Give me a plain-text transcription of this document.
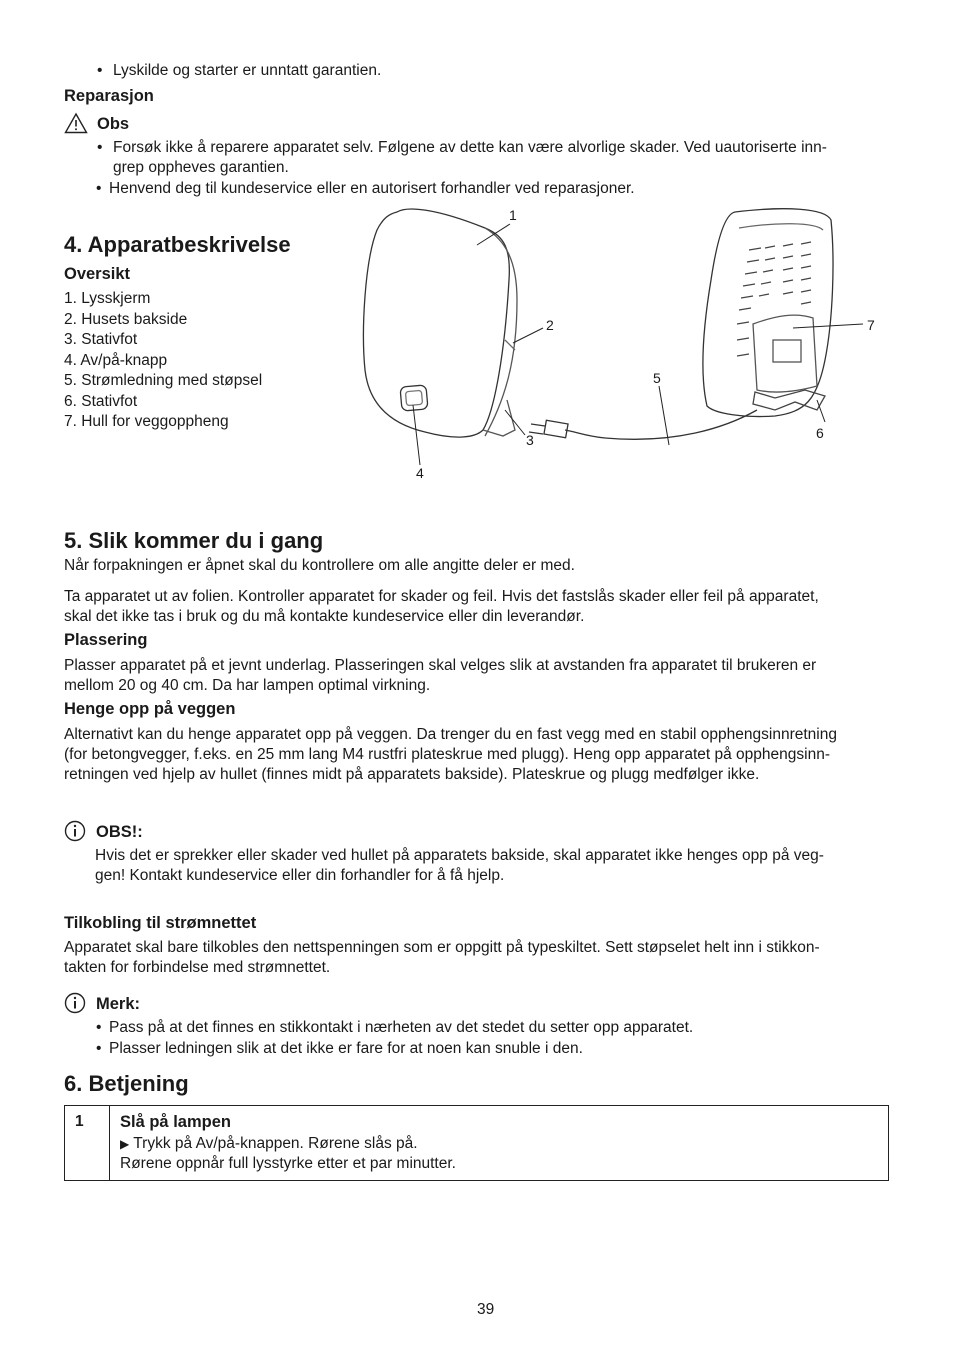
• Lyskilde og starter er unntatt garantien.
Reparasjon
Obs
• Forsøk ikke å reparere apparatet selv. Følgene av dette kan være alvorlige skader. Ved uautoriserte inn-
grep oppheves garantien.
• Henvend deg til kundeservice eller en autorisert forhandler ved reparasjoner.
4. Apparatbeskrivelse
Oversikt
1. Lysskjerm
2. Husets bakside
3. Stativfot
4. Av/på-knapp
5. Strømledning med støpsel
6. Stativfot
7. Hull for veggoppheng
1
2
3
4
5
6
7
5. Slik kommer du i gang
Når forpakningen er åpnet skal du kontrollere om alle angitte deler er med.
Ta apparatet ut av folien. Kontroller apparatet for skader og feil. Hvis det fastslås skader eller feil på apparatet,
skal det ikke tas i bruk og du må kontakte kundeservice eller din leverandør.
Plassering
Plasser apparatet på et jevnt underlag. Plasseringen skal velges slik at avstanden fra apparatet til brukeren er
mellom 20 og 40 cm. Da har lampen optimal virkning.
Henge opp på veggen
Alternativt kan du henge apparatet opp på veggen. Da trenger du en fast vegg med en stabil opphengsinnretning
(for betongvegger, f.eks. en 25 mm lang M4 rustfri plateskrue med plugg). Heng opp apparatet på opphengsinn-
retningen ved hjelp av hullet (finnes midt på apparatets bakside). Plateskrue og plugg medfølger ikke.
OBS!:
Hvis det er sprekker eller skader ved hullet på apparatets bakside, skal apparatet ikke henges opp på veg-
gen! Kontakt kundeservice eller din forhandler for å få hjelp.
Tilkobling til strømnettet
Apparatet skal bare tilkobles den nettspenningen som er oppgitt på typeskiltet. Sett støpselet helt inn i stikkon-
takten for forbindelse med strømnettet.
Merk:
• Pass på at det finnes en stikkontakt i nærheten av det stedet du setter opp apparatet.
• Plasser ledningen slik at det ikke er fare for at noen kan snuble i den.
6. Betjening
1	Slå på lampen
▶ Trykk på Av/på-knappen. Rørene slås på.
Rørene oppnår full lysstyrke etter et par minutter.
39
